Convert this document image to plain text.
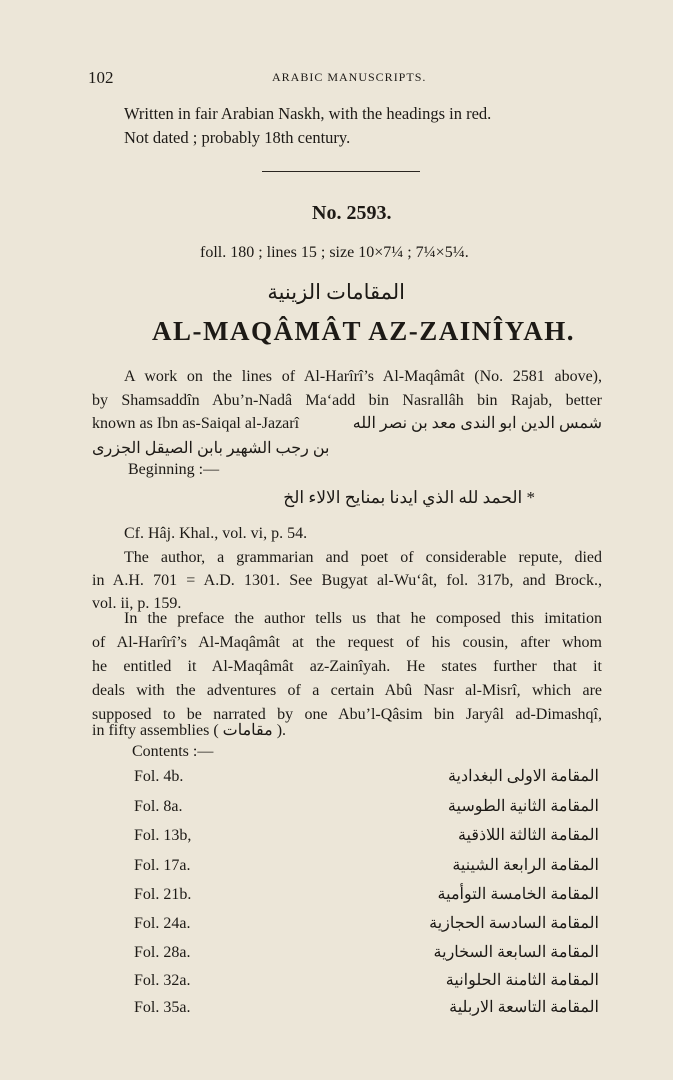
102	ARABIC MANUSCRIPTS.
Written in fair Arabian Naskh, with the headings in red.
Not dated ; probably 18th century.
No. 2593.
foll. 180 ; lines 15 ; size 10×7¼ ; 7¼×5¼.
المقامات الزينية
AL-MAQÂMÂT AZ-ZAINÎYAH.
A work on the lines of Al-Harîrî’s Al-Maqâmât (No. 2581 above),
by Shamsaddîn Abu’n-Nadâ Ma‘add bin Nasrallâh bin Rajab, better
known as Ibn as-Saiqal al-Jazarî	شمس الدين ابو الندى معد بن نصر الله
بن رجب الشهير بابن الصيقل الجزرى
Beginning :—
* الحمد لله الذي ايدنا بمنايح الالاء الخ
Cf. Hâj. Khal., vol. vi, p. 54.
The author, a grammarian and poet of considerable repute, died
in A.H. 701 = A.D. 1301. See Bugyat al-Wu‘ât, fol. 317b, and Brock.,
vol. ii, p. 159.
In the preface the author tells us that he composed this imitation
of Al-Harîrî’s Al-Maqâmât at the request of his cousin, after whom
he entitled it Al-Maqâmât az-Zainîyah. He states further that it
deals with the adventures of a certain Abû Nasr al-Misrî, which are
supposed to be narrated by one Abu’l-Qâsim bin Jaryâl ad-Dimashqî,
in fifty assemblies ( مقامات ).
Contents :—
Fol. 4b.	المقامة الاولى البغدادية
Fol. 8a.	المقامة الثانية الطوسية
Fol. 13b,	المقامة الثالثة اللاذقية
Fol. 17a.	المقامة الرابعة الشينية
Fol. 21b.	المقامة الخامسة التوأمية
Fol. 24a.	المقامة السادسة الحجازية
Fol. 28a.	المقامة السابعة السخارية
Fol. 32a.	المقامة الثامنة الحلوانية
Fol. 35a.	المقامة التاسعة الاربلية
